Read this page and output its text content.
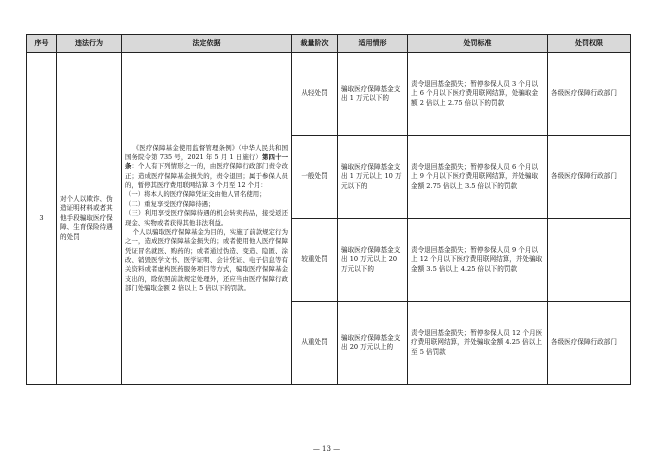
序号	违法行为	法定依据	裁量阶次	适用情形	处罚标准	处罚权限
3	对个人以欺诈、伪造证明材料或者其他手段骗取医疗保障、生育保险待遇的处罚	《医疗保障基金使用监督管理条例》（中华人民共和国国务院令第 735 号，2021 年 5 月 1 日施行）第四十一条：个人有下列情形之一的，由医疗保障行政部门责令改正；造成医疗保障基金损失的，责令退回；属于参保人员的，暂停其医疗费用联网结算 3 个月至 12 个月：

（一）将本人的医疗保障凭证交由他人冒名使用；

（二）重复享受医疗保障待遇；

（三）利用享受医疗保障待遇的机会转卖药品，接受返还现金、实物或者获得其他非法利益。

个人以骗取医疗保障基金为目的，实施了前款规定行为之一，造成医疗保障基金损失的；或者使用他人医疗保障凭证冒名就医、购药的；或者通过伪造、变造、隐匿、涂改、销毁医学文书、医学证明、会计凭证、电子信息等有关资料或者虚构医药服务项目等方式，骗取医疗保障基金支出的，除依照前款规定处理外，还应当由医疗保障行政部门处骗取金额 2 倍以上 5 倍以下的罚款。	从轻处罚	骗取医疗保障基金支出 1 万元以下的	责令退回基金损失；暂停参保人员 3 个月以上 6 个月以下医疗费用联网结算，处骗取金额 2 倍以上 2.75 倍以下的罚款	各级医疗保障行政部门
			一般处罚	骗取医疗保障基金支出 1 万元以上 10 万元以下的	责令退回基金损失；暂停参保人员 6 个月以上 9 个月以下医疗费用联网结算，并处骗取金额 2.75 倍以上 3.5 倍以下的罚款	各级医疗保障行政部门
			较重处罚	骗取医疗保障基金支出 10 万元以上 20 万元以下的	责令退回基金损失；暂停参保人员 9 个月以上 12 个月以下医疗费用联网结算，并处骗取金额 3.5 倍以上 4.25 倍以下的罚款	
			从重处罚	骗取医疗保障基金支出 20 万元以上的	责令退回基金损失；暂停参保人员 12 个月医疗费用联网结算，并处骗取金额 4.25 倍以上至 5 倍罚款	各级医疗保障行政部门
— 13 —
